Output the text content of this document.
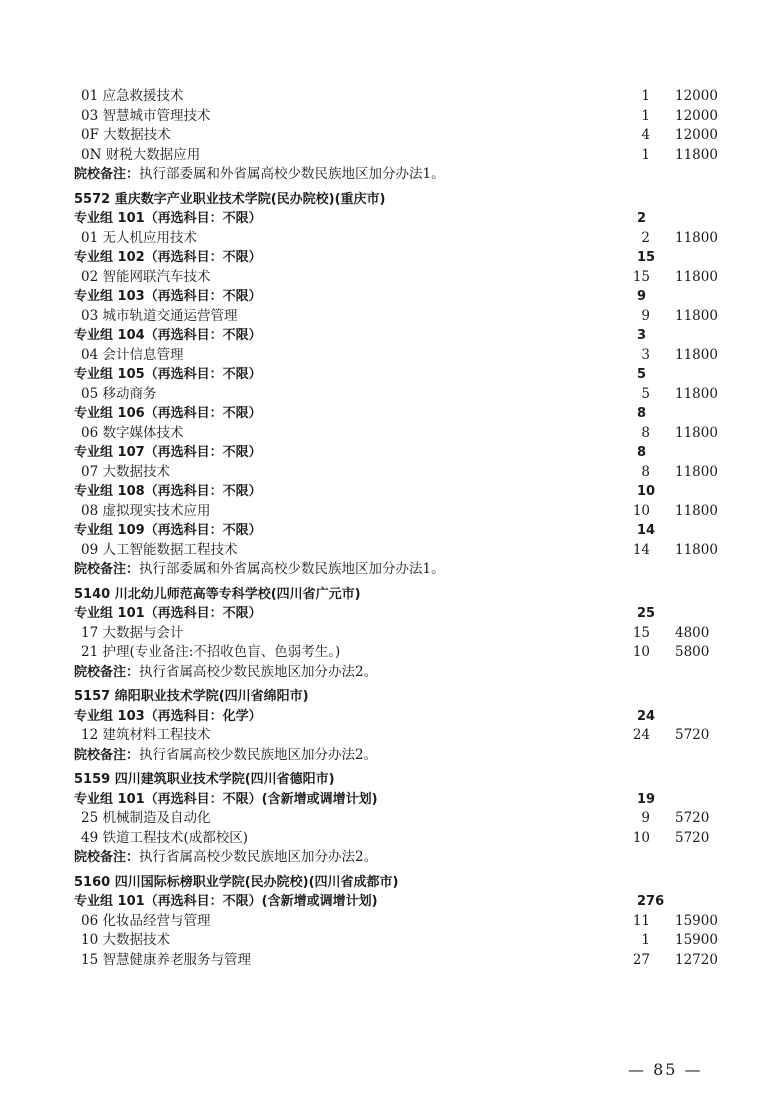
01 应急救援技术	1 12000
03 智慧城市管理技术	1 12000
0F 大数据技术	4 12000
0N 财税大数据应用	1 11800
院校备注：执行部委属和外省属高校少数民族地区加分办法1。
5572 重庆数字产业职业技术学院(民办院校)(重庆市)
专业组 101（再选科目：不限）	2
01 无人机应用技术	2 11800
专业组 102（再选科目：不限）	15
02 智能网联汽车技术	15 11800
专业组 103（再选科目：不限）	9
03 城市轨道交通运营管理	9 11800
专业组 104（再选科目：不限）	3
04 会计信息管理	3 11800
专业组 105（再选科目：不限）	5
05 移动商务	5 11800
专业组 106（再选科目：不限）	8
06 数字媒体技术	8 11800
专业组 107（再选科目：不限）	8
07 大数据技术	8 11800
专业组 108（再选科目：不限）	10
08 虚拟现实技术应用	10 11800
专业组 109（再选科目：不限）	14
09 人工智能数据工程技术	14 11800
院校备注：执行部委属和外省属高校少数民族地区加分办法1。
5140 川北幼儿师范高等专科学校(四川省广元市)
专业组 101（再选科目：不限）	25
17 大数据与会计	15 4800
21 护理(专业备注:不招收色盲、色弱考生。)	10 5800
院校备注：执行省属高校少数民族地区加分办法2。
5157 绵阳职业技术学院(四川省绵阳市)
专业组 103（再选科目：化学）	24
12 建筑材料工程技术	24 5720
院校备注：执行省属高校少数民族地区加分办法2。
5159 四川建筑职业技术学院(四川省德阳市)
专业组 101（再选科目：不限）(含新增或调增计划)	19
25 机械制造及自动化	9 5720
49 铁道工程技术(成都校区)	10 5720
院校备注：执行省属高校少数民族地区加分办法2。
5160 四川国际标榜职业学院(民办院校)(四川省成都市)
专业组 101（再选科目：不限）(含新增或调增计划)	276
06 化妆品经营与管理	11 15900
10 大数据技术	1 15900
15 智慧健康养老服务与管理	27 12720
— 85 —
